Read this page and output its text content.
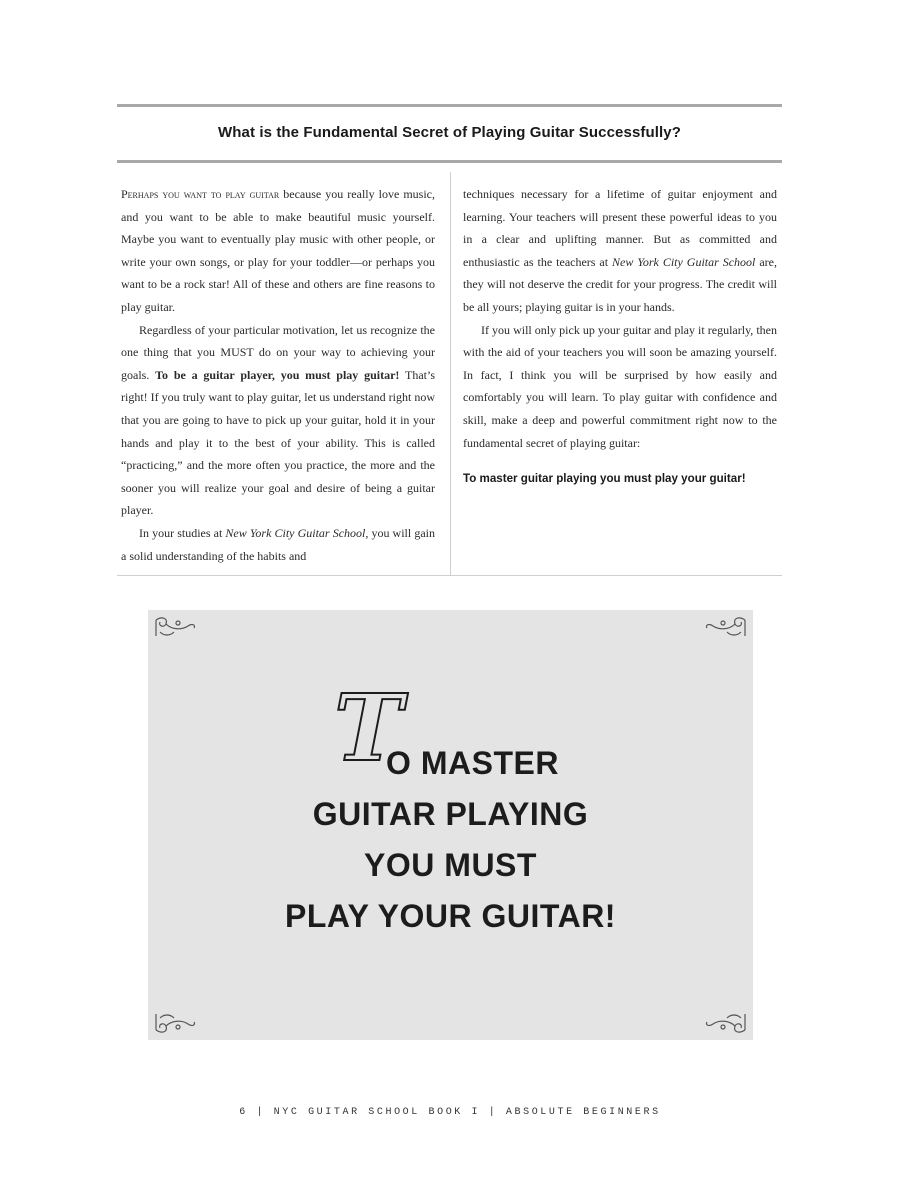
What is the Fundamental Secret of Playing Guitar Successfully?

Perhaps you want to play guitar because you really love music, and you want to be able to make beautiful music yourself. Maybe you want to eventually play music with other people, or write your own songs, or play for your toddler—or perhaps you want to be a rock star! All of these and others are fine reasons to play guitar.

Regardless of your particular motivation, let us recognize the one thing that you MUST do on your way to achieving your goals. To be a guitar player, you must play guitar! That’s right! If you truly want to play guitar, let us understand right now that you are going to have to pick up your guitar, hold it in your hands and play it to the best of your ability. This is called “practicing,” and the more often you practice, the more and the sooner you will realize your goal and desire of being a guitar player.

In your studies at New York City Guitar School, you will gain a solid understanding of the habits and

techniques necessary for a lifetime of guitar enjoyment and learning. Your teachers will present these powerful ideas to you in a clear and uplifting manner. But as committed and enthusiastic as the teachers at New York City Guitar School are, they will not deserve the credit for your progress. The credit will be all yours; playing guitar is in your hands.

If you will only pick up your guitar and play it regularly, then with the aid of your teachers you will soon be amazing yourself. In fact, I think you will be surprised by how easily and comfortably you will learn. To play guitar with confidence and skill, make a deep and powerful commitment right now to the fundamental secret of playing guitar:

To master guitar playing you must play your guitar!

T
O MASTER
GUITAR PLAYING
YOU MUST
PLAY YOUR GUITAR!
6 | NYC GUITAR SCHOOL BOOK I | ABSOLUTE BEGINNERS
